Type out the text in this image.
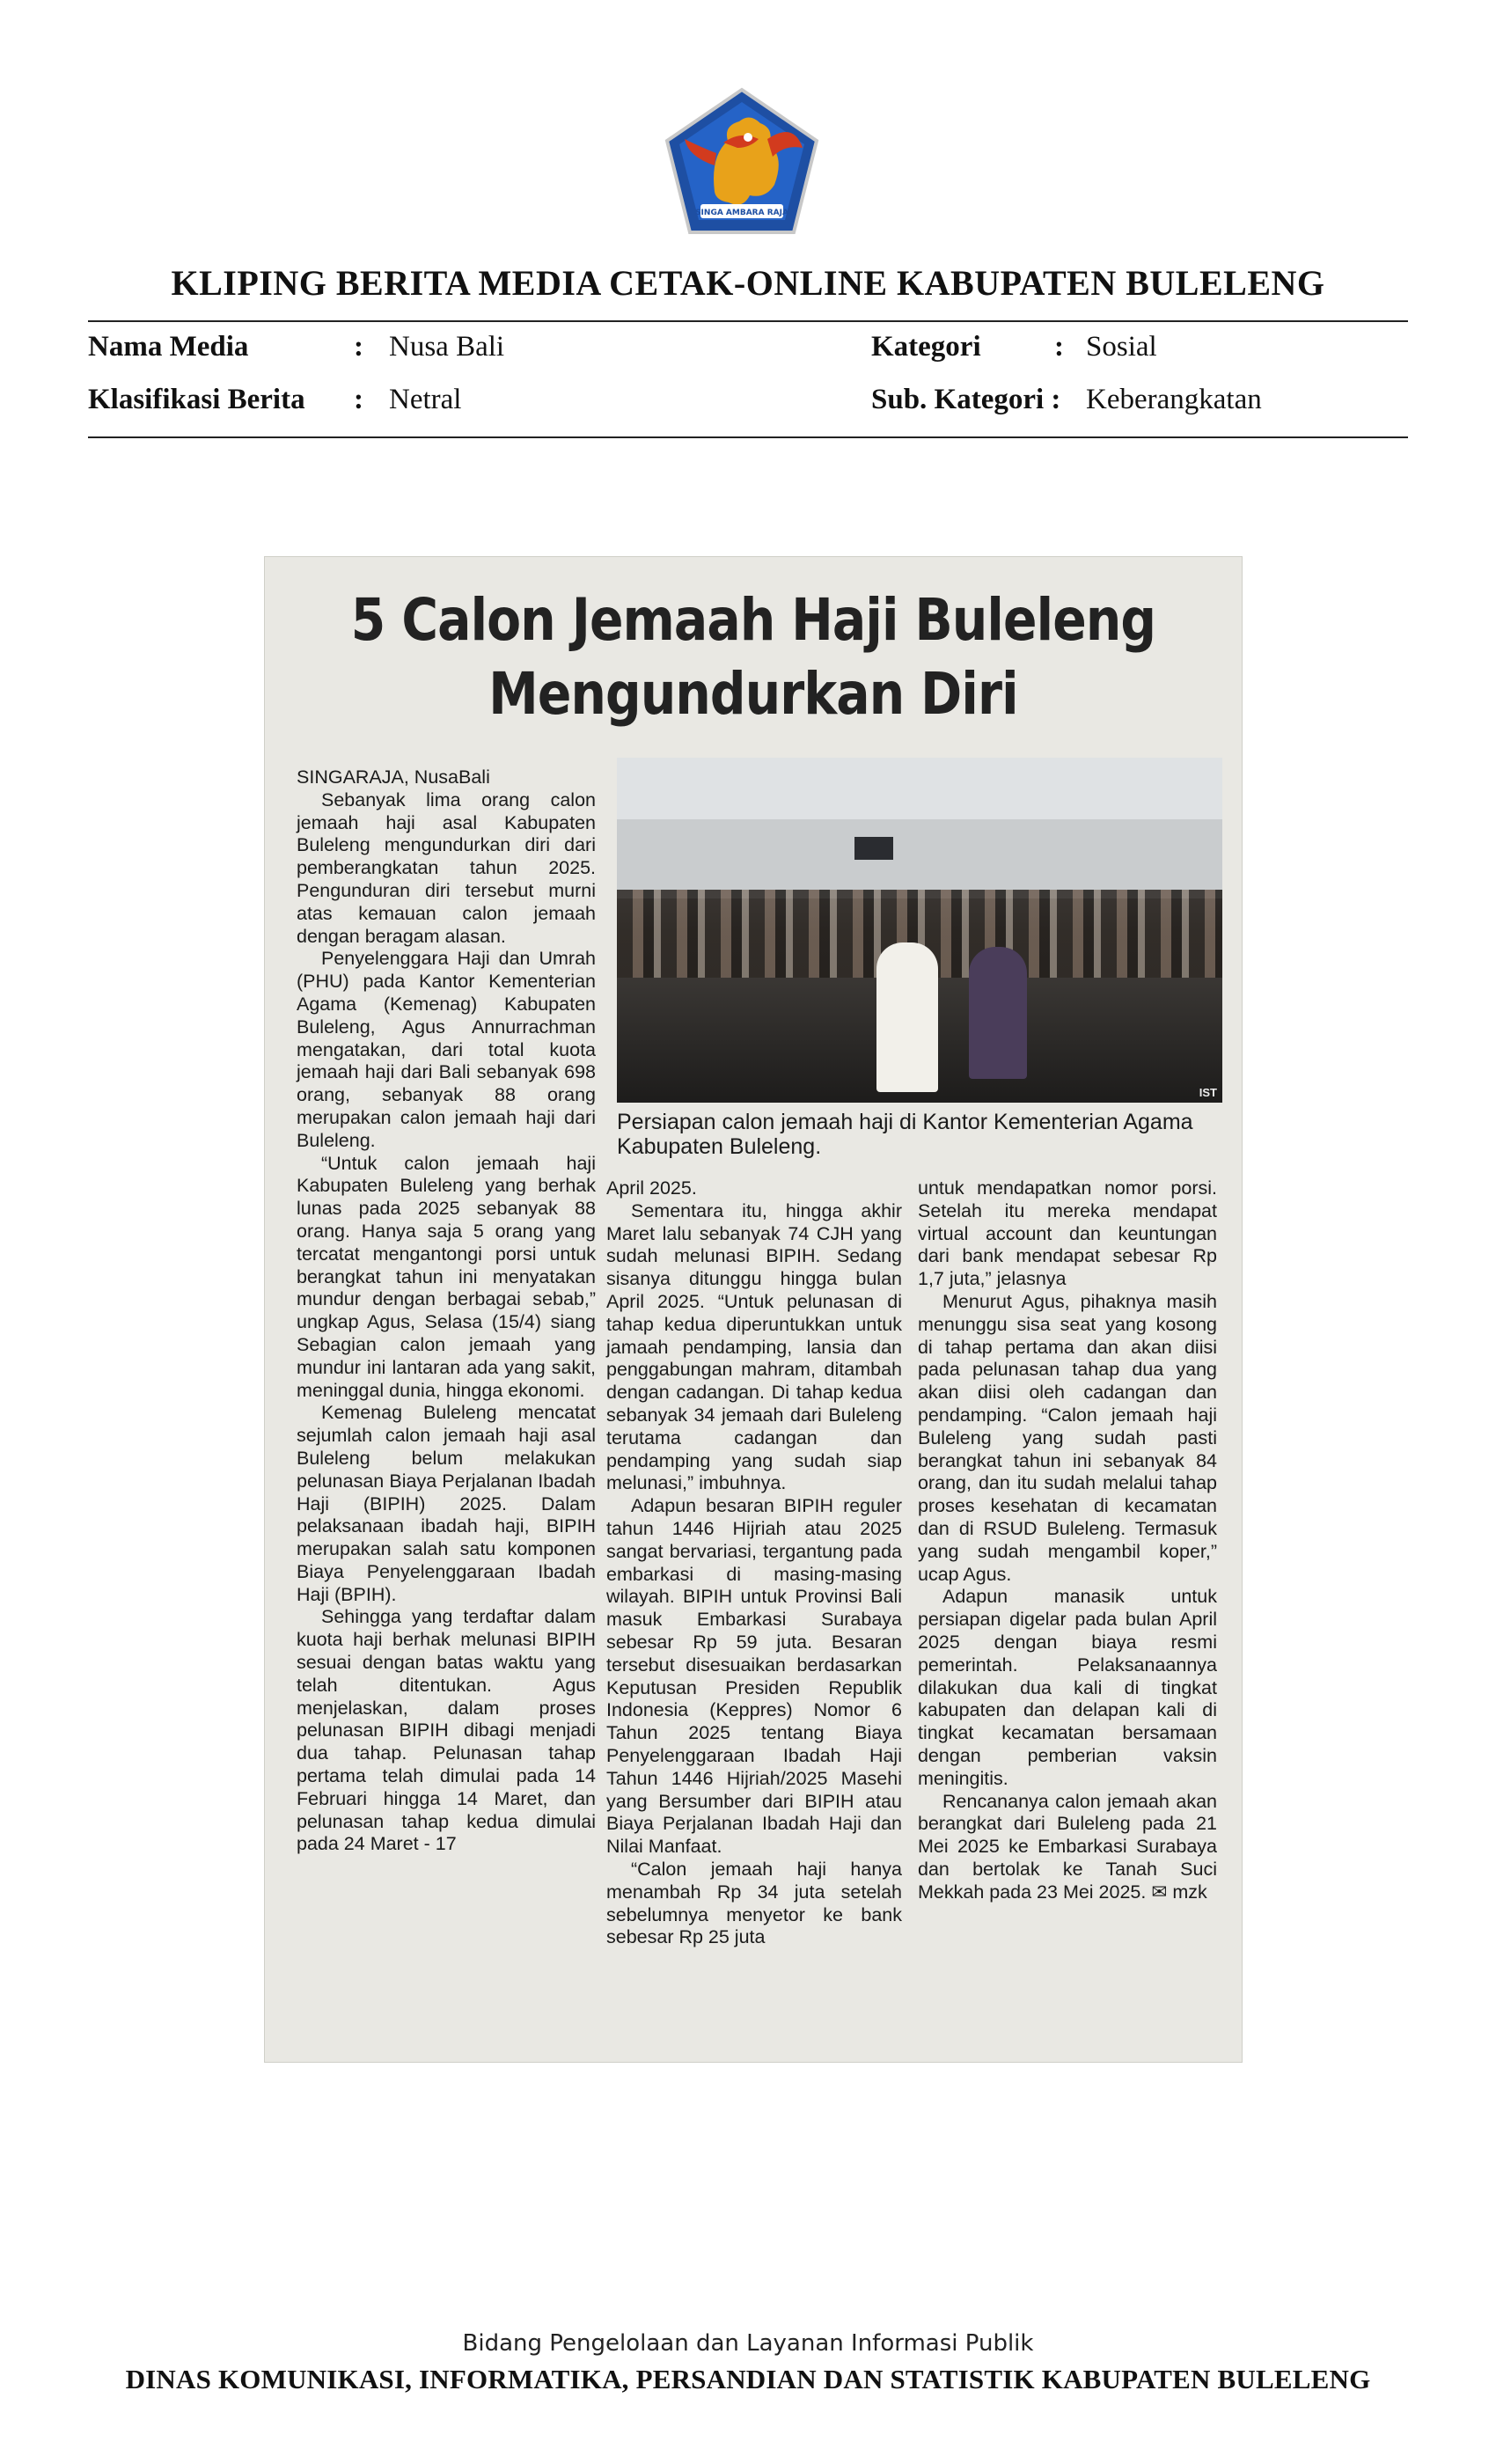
SINGA AMBARA RAJA
KLIPING BERITA MEDIA CETAK-ONLINE KABUPATEN BULELENG
Nama Media	: Nusa Bali
Klasifikasi Berita : Netral
Kategori	: Sosial
Sub. Kategori : Keberangkatan
5 Calon Jemaah Haji Buleleng
Mengundurkan Diri

SINGARAJA, NusaBali

Sebanyak lima orang calon jemaah haji asal Kabupaten Buleleng mengundurkan diri dari pemberangkatan tahun 2025. Pengunduran diri tersebut murni atas kemauan calon jemaah dengan beragam alasan.

Penyelenggara Haji dan Umrah (PHU) pada Kantor Kementerian Agama (Kemenag) Kabupaten Buleleng, Agus Annurrachman mengatakan, dari total kuota jemaah haji dari Bali sebanyak 698 orang, sebanyak 88 orang merupakan calon jemaah haji dari Buleleng.

“Untuk calon jemaah haji Kabupaten Buleleng yang berhak lunas pada 2025 sebanyak 88 orang. Hanya saja 5 orang yang tercatat mengantongi porsi untuk berangkat tahun ini menyatakan mundur dengan berbagai sebab,” ungkap Agus, Selasa (15/4) siang Sebagian calon jemaah yang mundur ini lantaran ada yang sakit, meninggal dunia, hingga ekonomi.

Kemenag Buleleng mencatat sejumlah calon jemaah haji asal Buleleng belum melakukan pelunasan Biaya Perjalanan Ibadah Haji (BIPIH) 2025. Dalam pelaksanaan ibadah haji, BIPIH merupakan salah satu komponen Biaya Penyelenggaraan Ibadah Haji (BPIH).

Sehingga yang terdaftar dalam kuota haji berhak melunasi BIPIH sesuai dengan batas waktu yang telah ditentukan. Agus menjelaskan, dalam proses pelunasan BIPIH dibagi menjadi dua tahap. Pelunasan tahap pertama telah dimulai pada 14 Februari hingga 14 Maret, dan pelunasan tahap kedua dimulai pada 24 Maret - 17

IST
Persiapan calon jemaah haji di Kantor Kementerian Agama Kabupaten Buleleng.

April 2025.

Sementara itu, hingga akhir Maret lalu sebanyak 74 CJH yang sudah melunasi BIPIH. Sedang sisanya ditunggu hingga bulan April 2025. “Untuk pelunasan di tahap kedua diperuntukkan untuk jamaah pendamping, lansia dan penggabungan mahram, ditambah dengan cadangan. Di tahap kedua sebanyak 34 jemaah dari Buleleng terutama cadangan dan pendamping yang sudah siap melunasi,” imbuhnya.

Adapun besaran BIPIH reguler tahun 1446 Hijriah atau 2025 sangat bervariasi, tergantung pada embarkasi di masing-masing wilayah. BIPIH untuk Provinsi Bali masuk Embarkasi Surabaya sebesar Rp 59 juta. Besaran tersebut disesuaikan berdasarkan Keputusan Presiden Republik Indonesia (Keppres) Nomor 6 Tahun 2025 tentang Biaya Penyelenggaraan Ibadah Haji Tahun 1446 Hijriah/2025 Masehi yang Bersumber dari BIPIH atau Biaya Perjalanan Ibadah Haji dan Nilai Manfaat.

“Calon jemaah haji hanya menambah Rp 34 juta setelah sebelumnya menyetor ke bank sebesar Rp 25 juta

untuk mendapatkan nomor porsi. Setelah itu mereka mendapat virtual account dan keuntungan dari bank mendapat sebesar Rp 1,7 juta,” jelasnya

Menurut Agus, pihaknya masih menunggu sisa seat yang kosong di tahap pertama dan akan diisi pada pelunasan tahap dua yang akan diisi oleh cadangan dan pendamping. “Calon jemaah haji Buleleng yang sudah pasti berangkat tahun ini sebanyak 84 orang, dan itu sudah melalui tahap proses kesehatan di kecamatan dan di RSUD Buleleng. Termasuk yang sudah mengambil koper,” ucap Agus.

Adapun manasik untuk persiapan digelar pada bulan April 2025 dengan biaya resmi pemerintah. Pelaksanaannya dilakukan dua kali di tingkat kabupaten dan delapan kali di tingkat kecamatan bersamaan dengan pemberian vaksin meningitis.

Rencananya calon jemaah akan berangkat dari Buleleng pada 21 Mei 2025 ke Embarkasi Surabaya dan bertolak ke Tanah Suci Mekkah pada 23 Mei 2025. ✉ mzk

Bidang Pengelolaan dan Layanan Informasi Publik
DINAS KOMUNIKASI, INFORMATIKA, PERSANDIAN DAN STATISTIK KABUPATEN BULELENG
